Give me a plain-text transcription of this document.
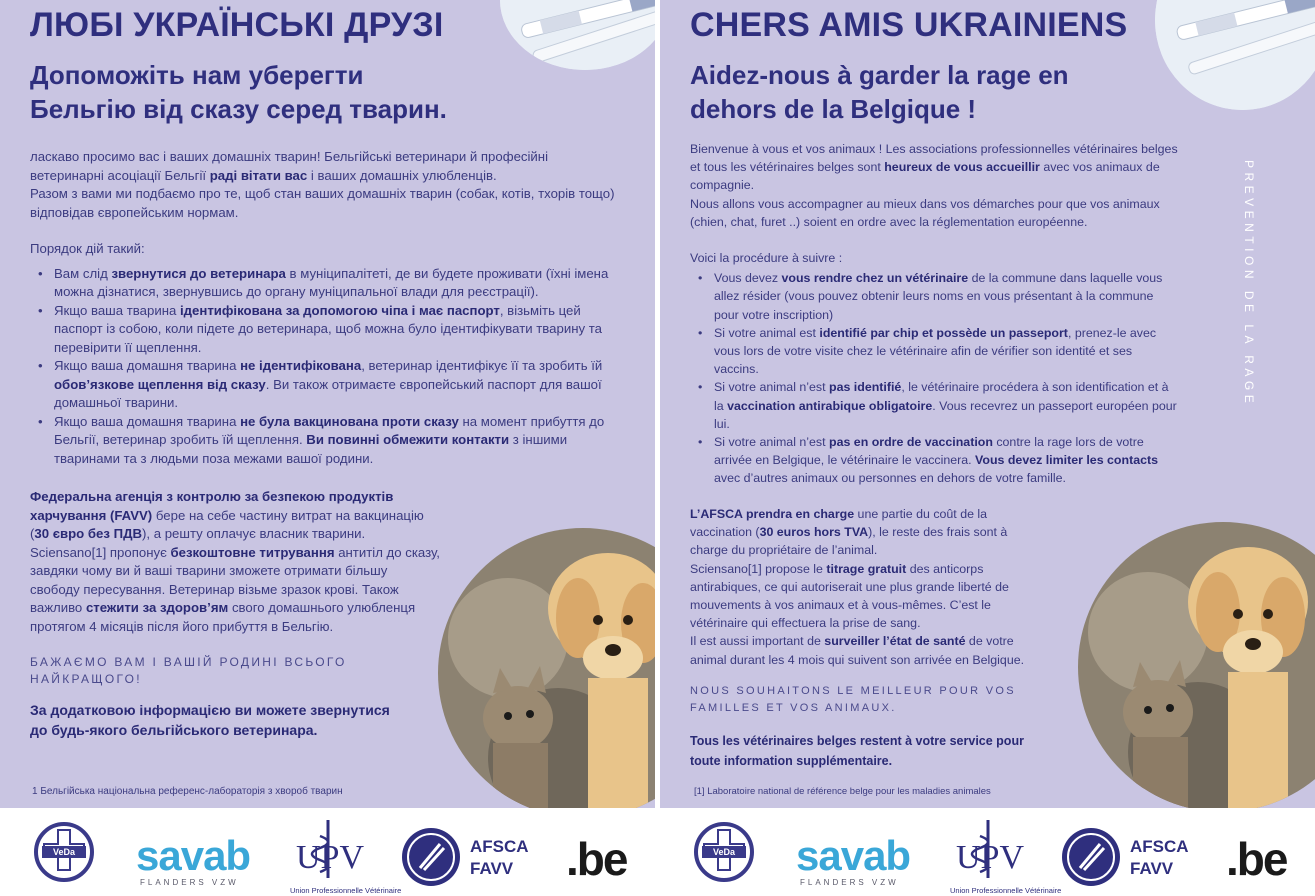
ЛЮБІ УКРАЇНСЬКІ ДРУЗІ
Допоможіть нам уберегти
Бельгію від сказу серед тварин.

ласкаво просимо вас і ваших домашніх тварин! Бельгійські ветеринари й професійні ветеринарні асоціації Бельгії раді вітати вас і ваших домашніх улюбленців.

Разом з вами ми подбаємо про те, щоб стан ваших домашніх тварин (собак, котів, тхорів тощо) відповідав європейським нормам.

Порядок дій такий:

• Вам слід звернутися до ветеринара в муніципалітеті, де ви будете проживати (їхні імена можна дізнатися, звернувшись до органу муніципальної влади для реєстрації).
• Якщо ваша тварина ідентифікована за допомогою чіпа і має паспорт, візьміть цей паспорт із собою, коли підете до ветеринара, щоб можна було ідентифікувати тварину та перевірити її щеплення.
• Якщо ваша домашня тварина не ідентифікована, ветеринар ідентифікує її та зробить їй обов’язкове щеплення від сказу. Ви також отримаєте європейський паспорт для вашої домашньої тварини.
• Якщо ваша домашня тварина не була вакцинована проти сказу на момент прибуття до Бельгії, ветеринар зробить їй щеплення. Ви повинні обмежити контакти з іншими тваринами та з людьми поза межами вашої родини.

Федеральна агенція з контролю за безпекою продуктів харчування (FAVV) бере на себе частину витрат на вакцинацію (30 євро без ПДВ), а решту оплачує власник тварини.

Sciensano[1] пропонує безкоштовне титрування антитіл до сказу, завдяки чому ви й ваші тварини зможете отримати більшу свободу пересування. Ветеринар візьме зразок крові. Також важливо стежити за здоров’ям свого домашнього улюбленця протягом 4 місяців після його прибуття в Бельгію.

БАЖАЄМО ВАМ І ВАШІЙ РОДИНІ ВСЬОГО НАЙКРАЩОГО!

За додатковою інформацією ви можете звернутися до будь-якого бельгійського ветеринара.

1 Бельгійська національна референс-лабораторія з хвороб тварин
VeDa savab
FLANDERS VZW
UPV
Union Professionnelle Vétérinaire
AFSCA
FAVV	.be
CHERS AMIS UKRAINIENS
Aidez-nous à garder la rage en
dehors de la Belgique !
PREVENTION DE LA RAGE

Bienvenue à vous et vos animaux ! Les associations professionnelles vétérinaires belges et tous les vétérinaires belges sont heureux de vous accueillir avec vos animaux de compagnie.

Nous allons vous accompagner au mieux dans vos démarches pour que vos animaux (chien, chat, furet ..) soient en ordre avec la réglementation européenne.

Voici la procédure à suivre :

• Vous devez vous rendre chez un vétérinaire de la commune dans laquelle vous allez résider (vous pouvez obtenir leurs noms en vous présentant à la commune pour votre inscription)
• Si votre animal est identifié par chip et possède un passeport, prenez-le avec vous lors de votre visite chez le vétérinaire afin de vérifier son identité et ses vaccins.
• Si votre animal n’est pas identifié, le vétérinaire procédera à son identification et à la vaccination antirabique obligatoire. Vous recevrez un passeport européen pour lui.
• Si votre animal n’est pas en ordre de vaccination contre la rage lors de votre arrivée en Belgique, le vétérinaire le vaccinera. Vous devez limiter les contacts avec d’autres animaux ou personnes en dehors de votre famille.

L’AFSCA prendra en charge une partie du coût de la vaccination (30 euros hors TVA), le reste des frais sont à charge du propriétaire de l’animal.

Sciensano[1] propose le titrage gratuit des anticorps antirabiques, ce qui autoriserait une plus grande liberté de mouvements à vos animaux et à vous-mêmes. C’est le vétérinaire qui effectuera la prise de sang.

Il est aussi important de surveiller l’état de santé de votre animal durant les 4 mois qui suivent son arrivée en Belgique.

NOUS SOUHAITONS LE MEILLEUR POUR VOS FAMILLES ET VOS ANIMAUX.

Tous les vétérinaires belges restent à votre service pour toute information supplémentaire.

[1] Laboratoire national de référence belge pour les maladies animales
VeDa savab
FLANDERS VZW
UPV
Union Professionnelle Vétérinaire
AFSCA
FAVV	.be
